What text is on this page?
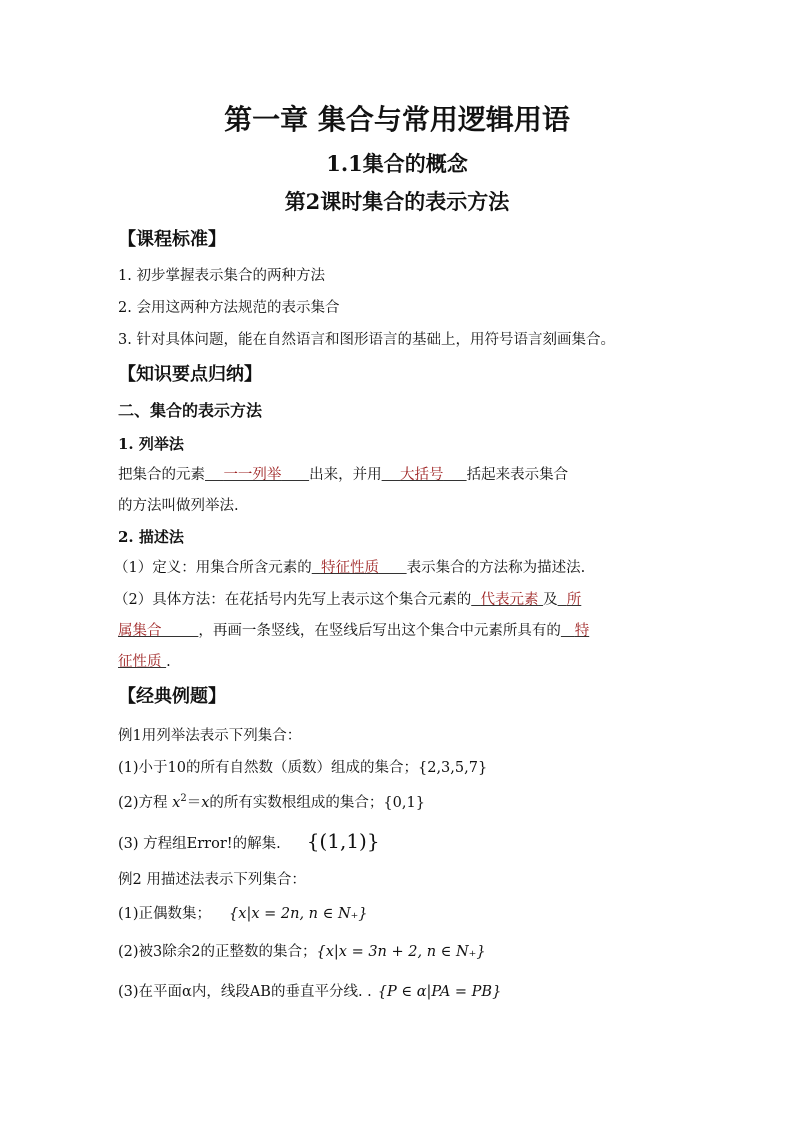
第一章 集合与常用逻辑用语
1.1集合的概念
第2课时集合的表示方法
【课程标准】
1. 初步掌握表示集合的两种方法
2. 会用这两种方法规范的表示集合
3. 针对具体问题，能在自然语言和图形语言的基础上，用符号语言刻画集合。
【知识要点归纳】
二、集合的表示方法
1. 列举法
把集合的元素 一一列举 出来，并用 大括号 括起来表示集合
的方法叫做列举法.
2. 描述法
（1）定义：用集合所含元素的 特征性质 表示集合的方法称为描述法.
（2）具体方法：在花括号内先写上表示这个集合元素的 代表元素 及 所
属集合	，再画一条竖线，在竖线后写出这个集合中元素所具有的 特
征性质 .
【经典例题】
例1用列举法表示下列集合：
(1)小于10的所有自然数（质数）组成的集合；{2,3,5,7}
(2)方程 $x^2=x$的所有实数根组成的集合；{0,1}
(3) 方程组Error!的解集. {(1,1)}
例2 用描述法表示下列集合：
(1)正偶数集； {x|x = 2n, n ∈ N₊}
(2)被3除余2的正整数的集合；{x|x = 3n + 2, n ∈ N₊}
(3)在平面α内，线段AB的垂直平分线. . {P ∈ α|PA = PB}
